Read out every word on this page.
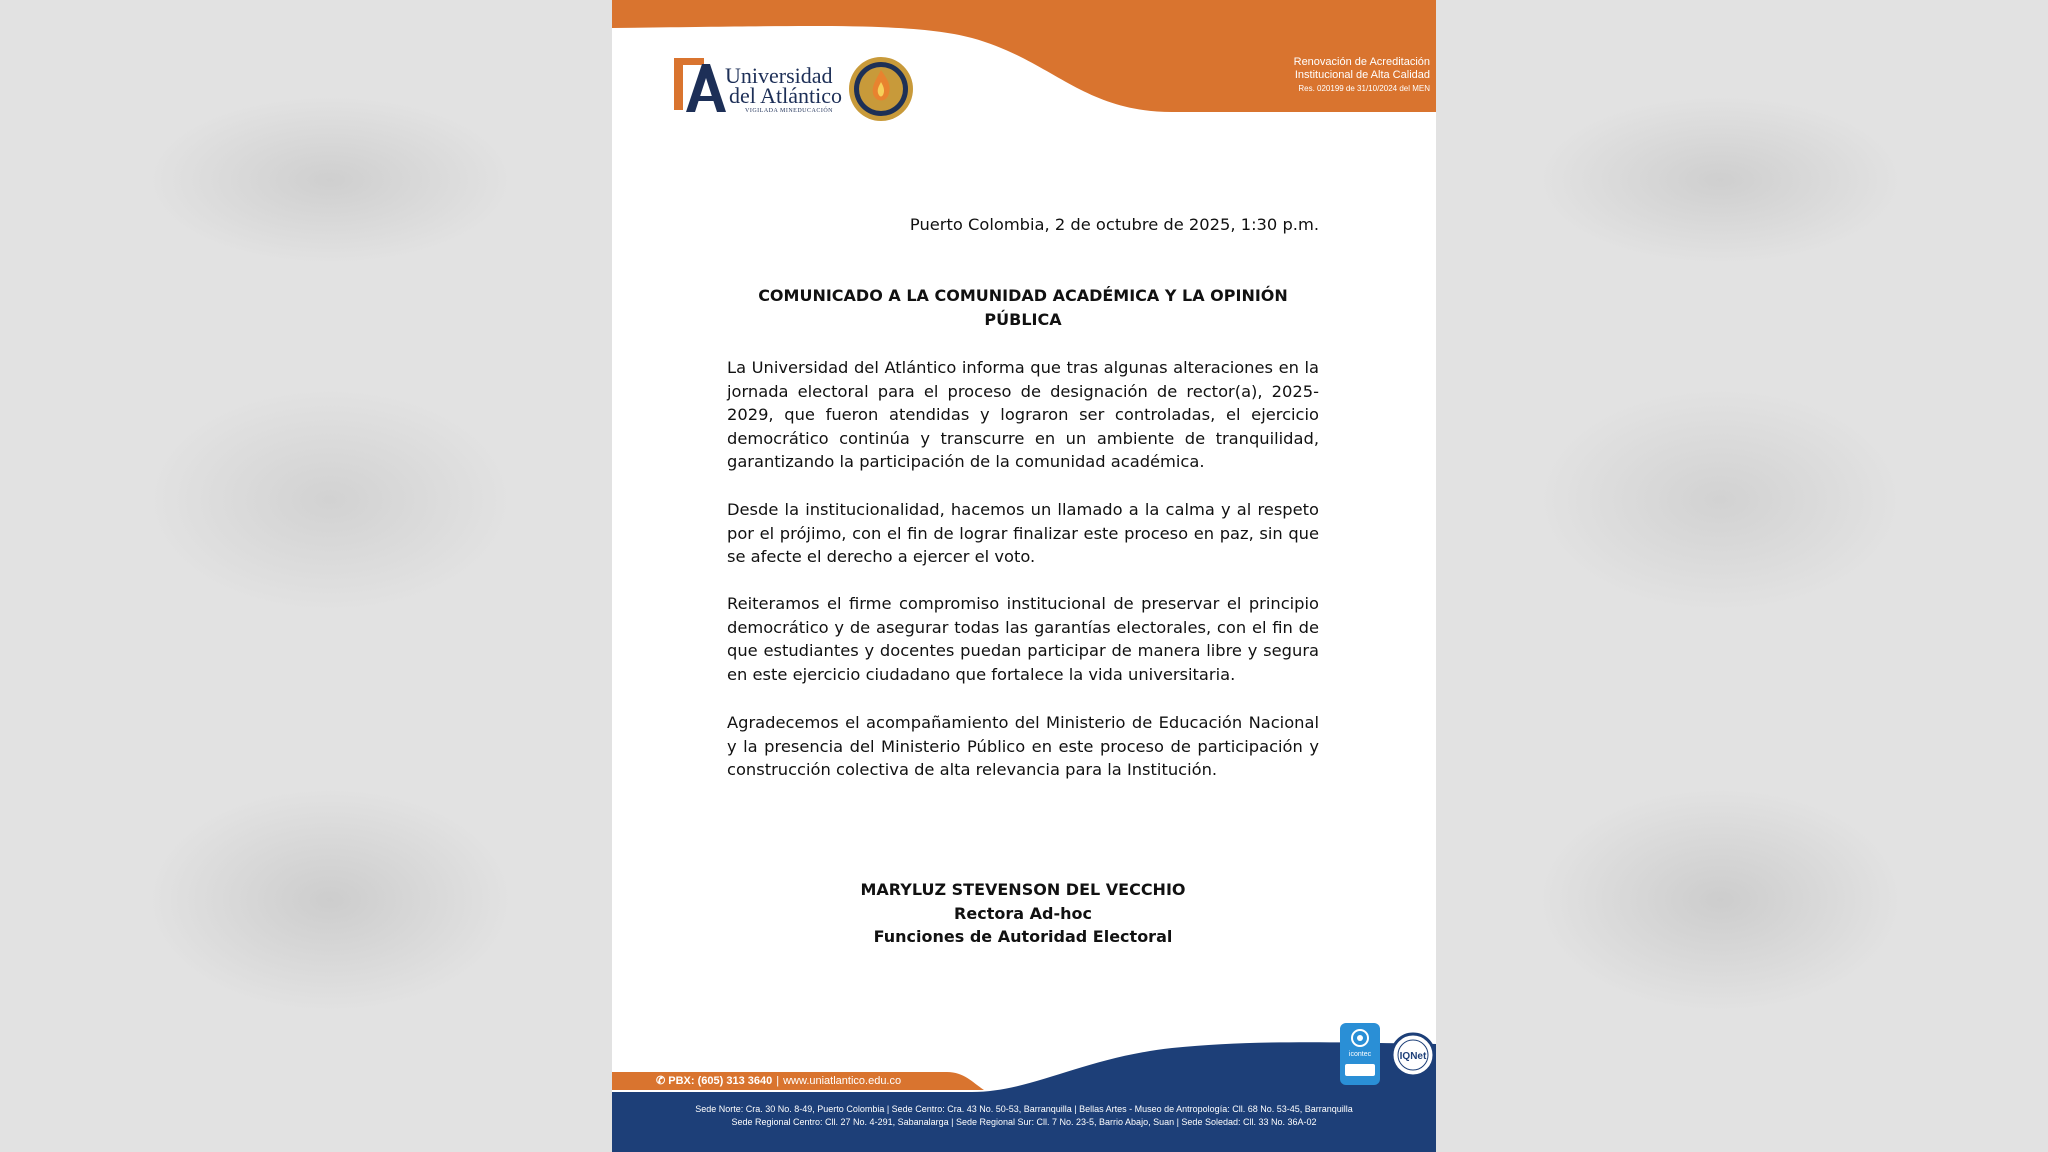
Renovación de Acreditación
Institucional de Alta Calidad
Res. 020199 de 31/10/2024 del MEN
Universidad
del Atlántico
VIGILADA MINEDUCACIÓN
Puerto Colombia, 2 de octubre de 2025, 1:30 p.m.
COMUNICADO A LA COMUNIDAD ACADÉMICA Y LA OPINIÓN PÚBLICA
La Universidad del Atlántico informa que tras algunas alteraciones en la jornada electoral para el proceso de designación de rector(a), 2025-2029, que fueron atendidas y lograron ser controladas, el ejercicio democrático continúa y transcurre en un ambiente de tranquilidad, garantizando la participación de la comunidad académica.
Desde la institucionalidad, hacemos un llamado a la calma y al respeto por el prójimo, con el fin de lograr finalizar este proceso en paz, sin que se afecte el derecho a ejercer el voto.
Reiteramos el firme compromiso institucional de preservar el principio democrático y de asegurar todas las garantías electorales, con el fin de que estudiantes y docentes puedan participar de manera libre y segura en este ejercicio ciudadano que fortalece la vida universitaria.
Agradecemos el acompañamiento del Ministerio de Educación Nacional y la presencia del Ministerio Público en este proceso de participación y construcción colectiva de alta relevancia para la Institución.
MARYLUZ STEVENSON DEL VECCHIO
Rectora Ad-hoc
Funciones de Autoridad Electoral
✆ PBX: (605) 313 3640 | www.uniatlantico.edu.co
Sede Norte: Cra. 30 No. 8-49, Puerto Colombia | Sede Centro: Cra. 43 No. 50-53, Barranquilla | Bellas Artes - Museo de Antropología: Cll. 68 No. 53-45, Barranquilla
Sede Regional Centro: Cll. 27 No. 4-291, Sabanalarga | Sede Regional Sur: Cll. 7 No. 23-5, Barrio Abajo, Suan | Sede Soledad: Cll. 33 No. 36A-02
icontec	IQNet
